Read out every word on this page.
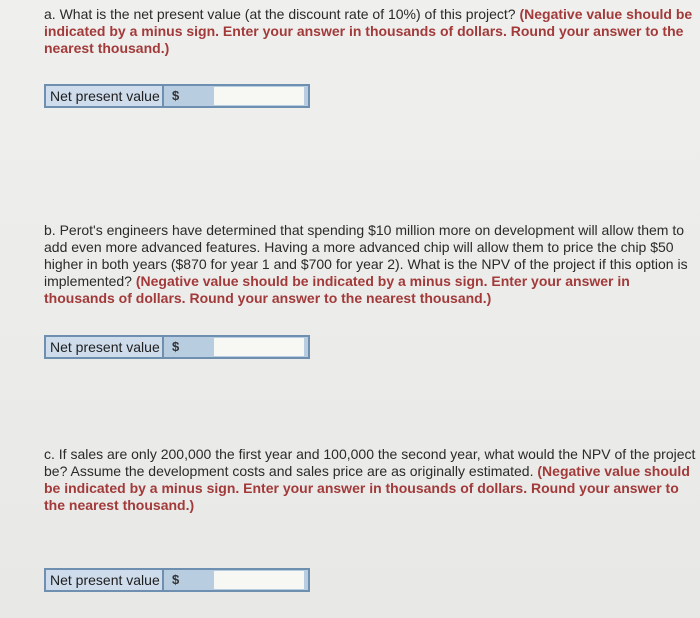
a. What is the net present value (at the discount rate of 10%) of this project? (Negative value should be indicated by a minus sign. Enter your answer in thousands of dollars. Round your answer to the nearest thousand.)
Net present value $
b. Perot's engineers have determined that spending $10 million more on development will allow them to add even more advanced features. Having a more advanced chip will allow them to price the chip $50 higher in both years ($870 for year 1 and $700 for year 2). What is the NPV of the project if this option is implemented? (Negative value should be indicated by a minus sign. Enter your answer in thousands of dollars. Round your answer to the nearest thousand.)
Net present value $
c. If sales are only 200,000 the first year and 100,000 the second year, what would the NPV of the project be? Assume the development costs and sales price are as originally estimated. (Negative value should be indicated by a minus sign. Enter your answer in thousands of dollars. Round your answer to the nearest thousand.)
Net present value $
